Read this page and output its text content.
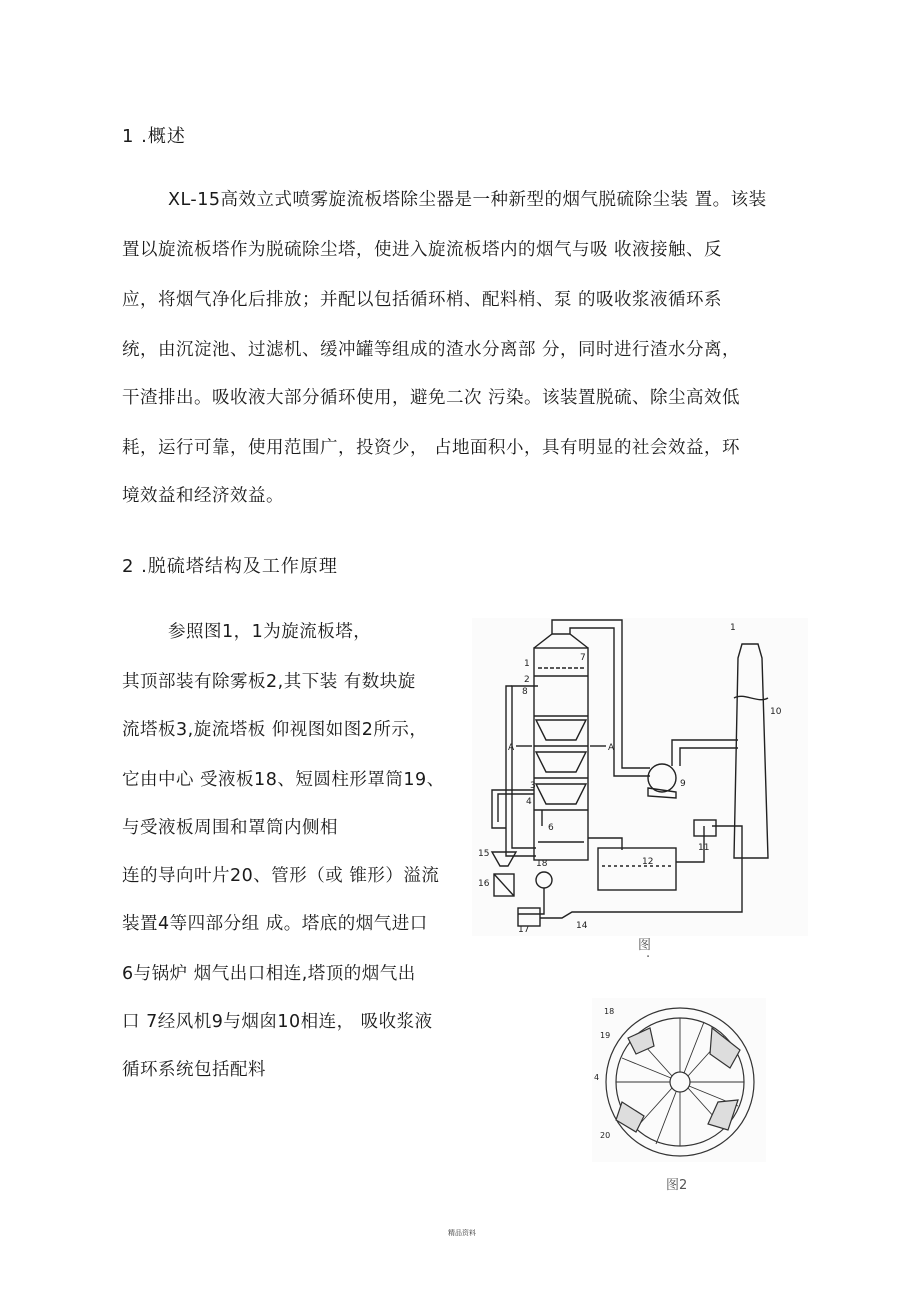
1 .概述
XL-15高效立式喷雾旋流板塔除尘器是一种新型的烟气脱硫除尘装 置。该装
置以旋流板塔作为脱硫除尘塔，使进入旋流板塔内的烟气与吸 收液接触、反
应，将烟气净化后排放；并配以包括循环梢、配料梢、泵 的吸收浆液循环系
统，由沉淀池、过滤机、缓冲罐等组成的渣水分离部 分，同时进行渣水分离，
干渣排出。吸收液大部分循环使用，避免二次 污染。该装置脱硫、除尘高效低
耗，运行可靠，使用范围广，投资少， 占地面积小，具有明显的社会效益，环
境效益和经济效益。
2 .脱硫塔结构及工作原理
参照图1，1为旋流板塔，
其顶部装有除雾板2,其下装 有数块旋
流塔板3,旋流塔板 仰视图如图2所示，
它由中心 受液板18、短圆柱形罩筒19、
与受液板周围和罩筒内侧相
连的导向叶片20、管形（或 锥形）溢流
装置4等四部分组 成。塔底的烟气进口
6与锅炉 烟气出口相连,塔顶的烟气出
口 7经风机9与烟囱10相连， 吸收浆液
循环系统包括配料
1
2
3
4
6
7
8
9
10
11
12
14
15
16
17
18
A	A
1
图
·
18
19
20
4
图2
精品资料
